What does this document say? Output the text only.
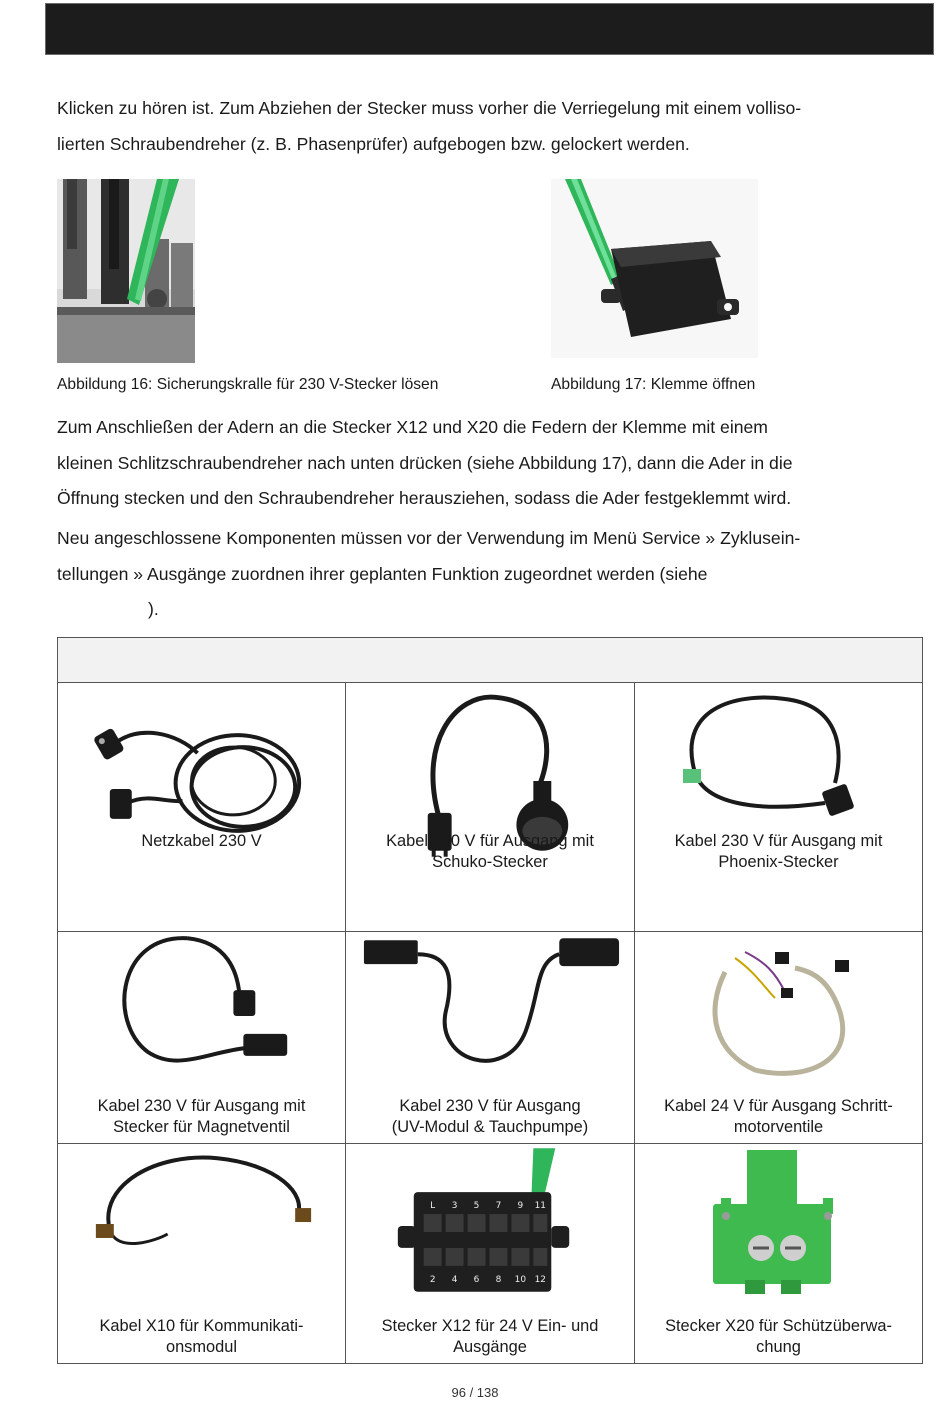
Klicken zu hören ist. Zum Abziehen der Stecker muss vorher die Verriegelung mit einem volliso-
lierten Schraubendreher (z. B. Phasenprüfer) aufgebogen bzw. gelockert werden.

Abbildung 16: Sicherungskralle für 230 V-Stecker lösen	Abbildung 17: Klemme öffnen

Zum Anschließen der Adern an die Stecker X12 und X20 die Federn der Klemme mit einem
kleinen Schlitzschraubendreher nach unten drücken (siehe Abbildung 17), dann die Ader in die
Öffnung stecken und den Schraubendreher herausziehen, sodass die Ader festgeklemmt wird.

Neu angeschlossene Komponenten müssen vor der Verwendung im Menü Service » Zyklusein-
tellungen » Ausgänge zuordnen ihrer geplanten Funktion zugeordnet werden (siehe
).

Netzkabel 230 V	Kabel 230 V für Ausgang mit
Schuko-Stecker
Kabel 230 V für Ausgang mit
Phoenix-Stecker
Kabel 230 V für Ausgang mit
Stecker für Magnetventil
Kabel 230 V für Ausgang
(UV-Modul & Tauchpumpe)
Kabel 24 V für Ausgang Schritt-
motorventile
Kabel X10 für Kommunikati-
onsmodul
L 3 5 7 9 11
2 4 6 8 10 12
Stecker X12 für 24 V Ein- und
Ausgänge
Stecker X20 für Schützüberwa-
chung
96 / 138
